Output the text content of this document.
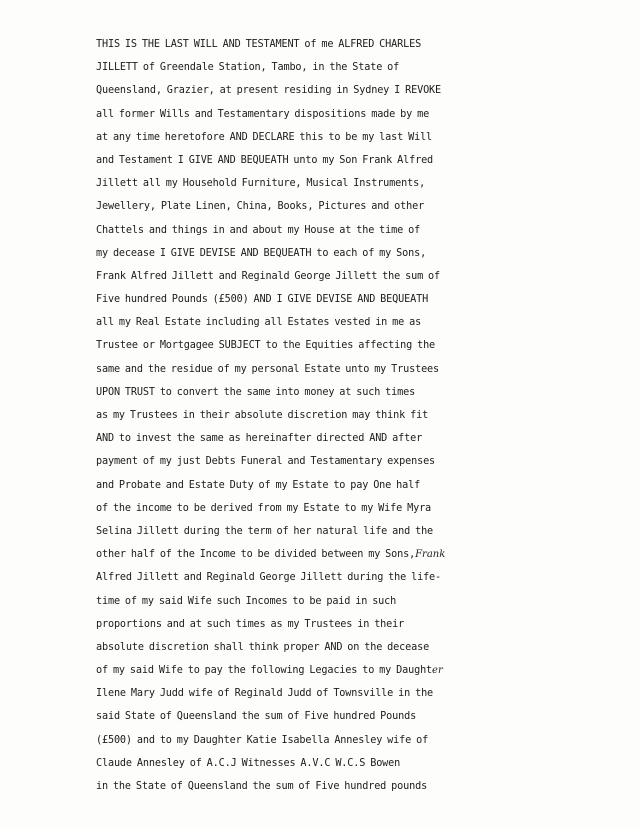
THIS IS THE LAST WILL AND TESTAMENT of me ALFRED CHARLES
JILLETT of Greendale Station, Tambo, in the State of
Queensland, Grazier, at present residing in Sydney I REVOKE
all former Wills and Testamentary dispositions made by me
at any time heretofore AND DECLARE this to be my last Will
and Testament I GIVE AND BEQUEATH unto my Son Frank Alfred
Jillett all my Household Furniture, Musical Instruments,
Jewellery, Plate Linen, China, Books, Pictures and other
Chattels and things in and about my House at the time of
my decease I GIVE DEVISE AND BEQUEATH to each of my Sons,
Frank Alfred Jillett and Reginald George Jillett the sum of
Five hundred Pounds (£500) AND I GIVE DEVISE AND BEQUEATH
all my Real Estate including all Estates vested in me as
Trustee or Mortgagee SUBJECT to the Equities affecting the
same and the residue of my personal Estate unto my Trustees
UPON TRUST to convert the same into money at such times
as my Trustees in their absolute discretion may think fit
AND to invest the same as hereinafter directed AND after
payment of my just Debts Funeral and Testamentary expenses
and Probate and Estate Duty of my Estate to pay One half
of the income to be derived from my Estate to my Wife Myra
Selina Jillett during the term of her natural life and the
other half of the Income to be divided between my Sons,Frank
Alfred Jillett and Reginald George Jillett during the life-
time of my said Wife such Incomes to be paid in such
proportions and at such times as my Trustees in their
absolute discretion shall think proper AND on the decease
of my said Wife to pay the following Legacies to my Daughter
Ilene Mary Judd wife of Reginald Judd of Townsville in the
said State of Queensland the sum of Five hundred Pounds
(£500) and to my Daughter Katie Isabella Annesley wife of
Claude Annesley of A.C.J Witnesses A.V.C W.C.S Bowen
in the State of Queensland the sum of Five hundred pounds
